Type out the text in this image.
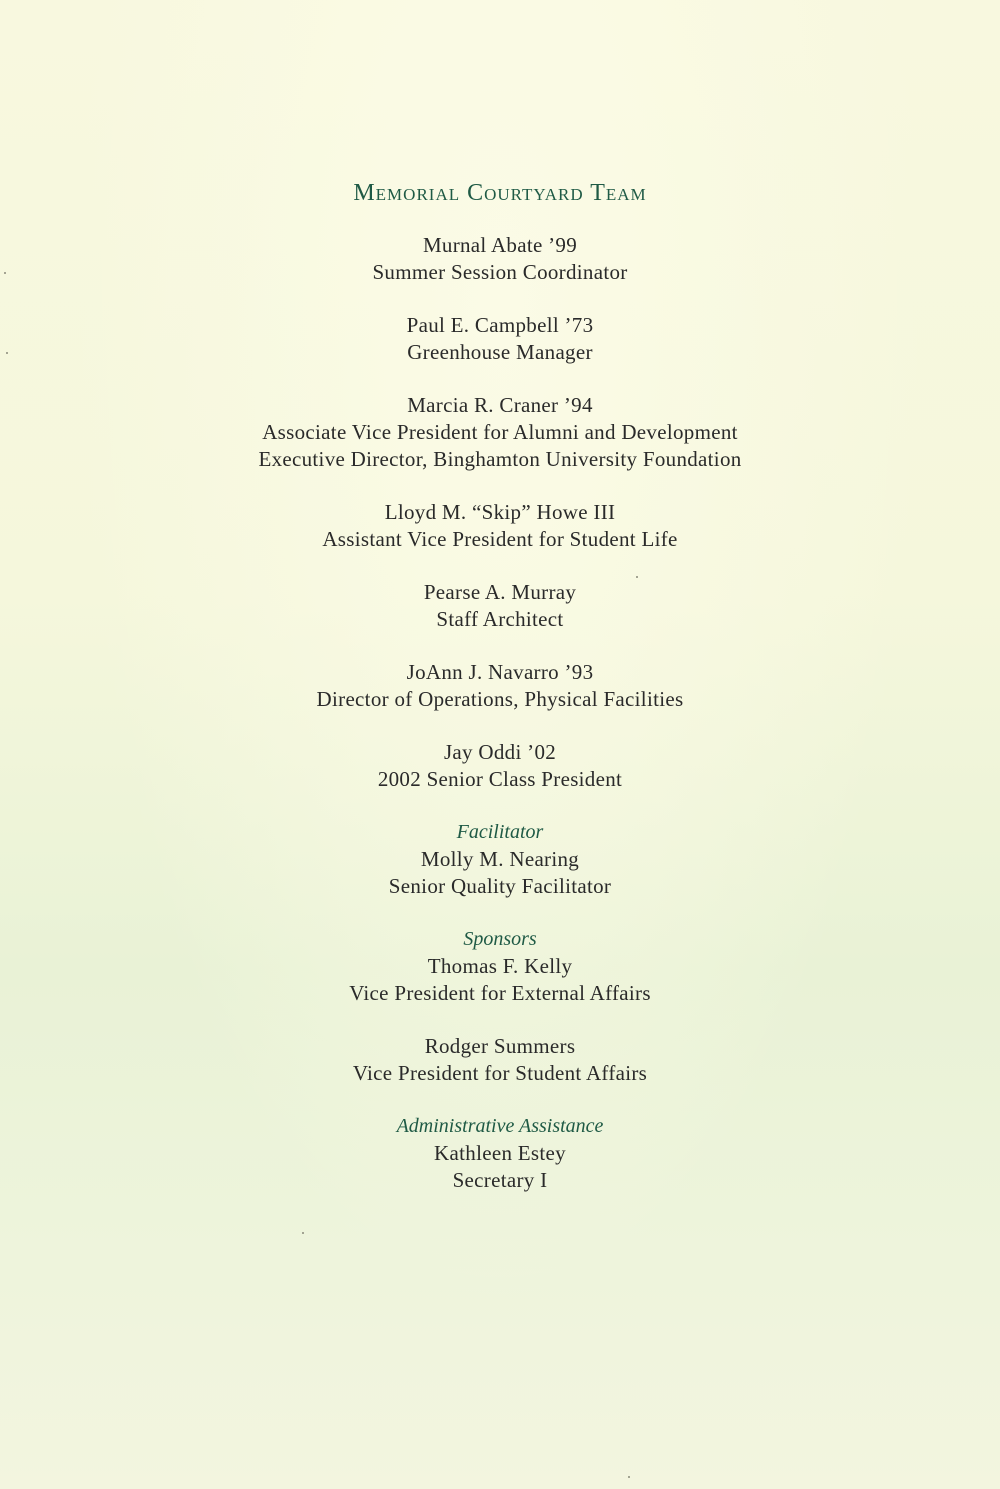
Memorial Courtyard Team
Murnal Abate ’99
Summer Session Coordinator
Paul E. Campbell ’73
Greenhouse Manager
Marcia R. Craner ’94
Associate Vice President for Alumni and Development
Executive Director, Binghamton University Foundation
Lloyd M. “Skip” Howe III
Assistant Vice President for Student Life
Pearse A. Murray
Staff Architect
JoAnn J. Navarro ’93
Director of Operations, Physical Facilities
Jay Oddi ’02
2002 Senior Class President
Facilitator
Molly M. Nearing
Senior Quality Facilitator
Sponsors
Thomas F. Kelly
Vice President for External Affairs
Rodger Summers
Vice President for Student Affairs
Administrative Assistance
Kathleen Estey
Secretary I
